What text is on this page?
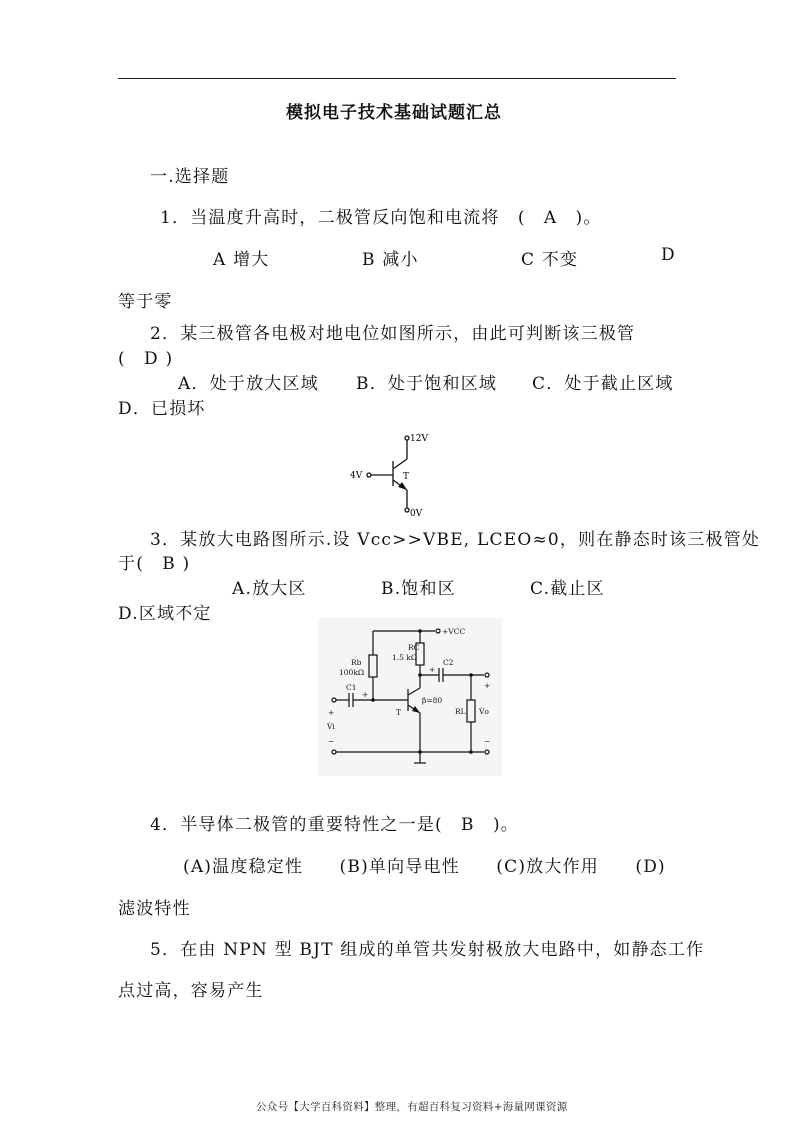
模拟电子技术基础试题汇总
一.选择题
1．当温度升高时，二极管反向饱和电流将　(　A　)。
A 增大	B 减小	C 不变	D
等于零
2．某三极管各电极对地电位如图所示，由此可判断该三极管
(　D )
A．处于放大区域 B．处于饱和区域 C．处于截止区域
D．已损坏
12V
4V
0V
T
3．某放大电路图所示.设 Vcc>>VBE, LCEO≈0，则在静态时该三极管处
于(　B )
A.放大区	B.饱和区	C.截止区
D.区域不定
+VCC
Rb
100kΩ
RC
1.5 kΩ
C1
+
C2
+
T
β=80
RL V̇o
+
−
+
V̇i
−
4．半导体二极管的重要特性之一是(　B　)。
(A)温度稳定性　　(B)单向导电性　　(C)放大作用　　(D)
滤波特性
5．在由 NPN 型 BJT 组成的单管共发射极放大电路中，如静态工作
点过高，容易产生
公众号【大学百科资料】整理，有超百科复习资料+海量网课资源
